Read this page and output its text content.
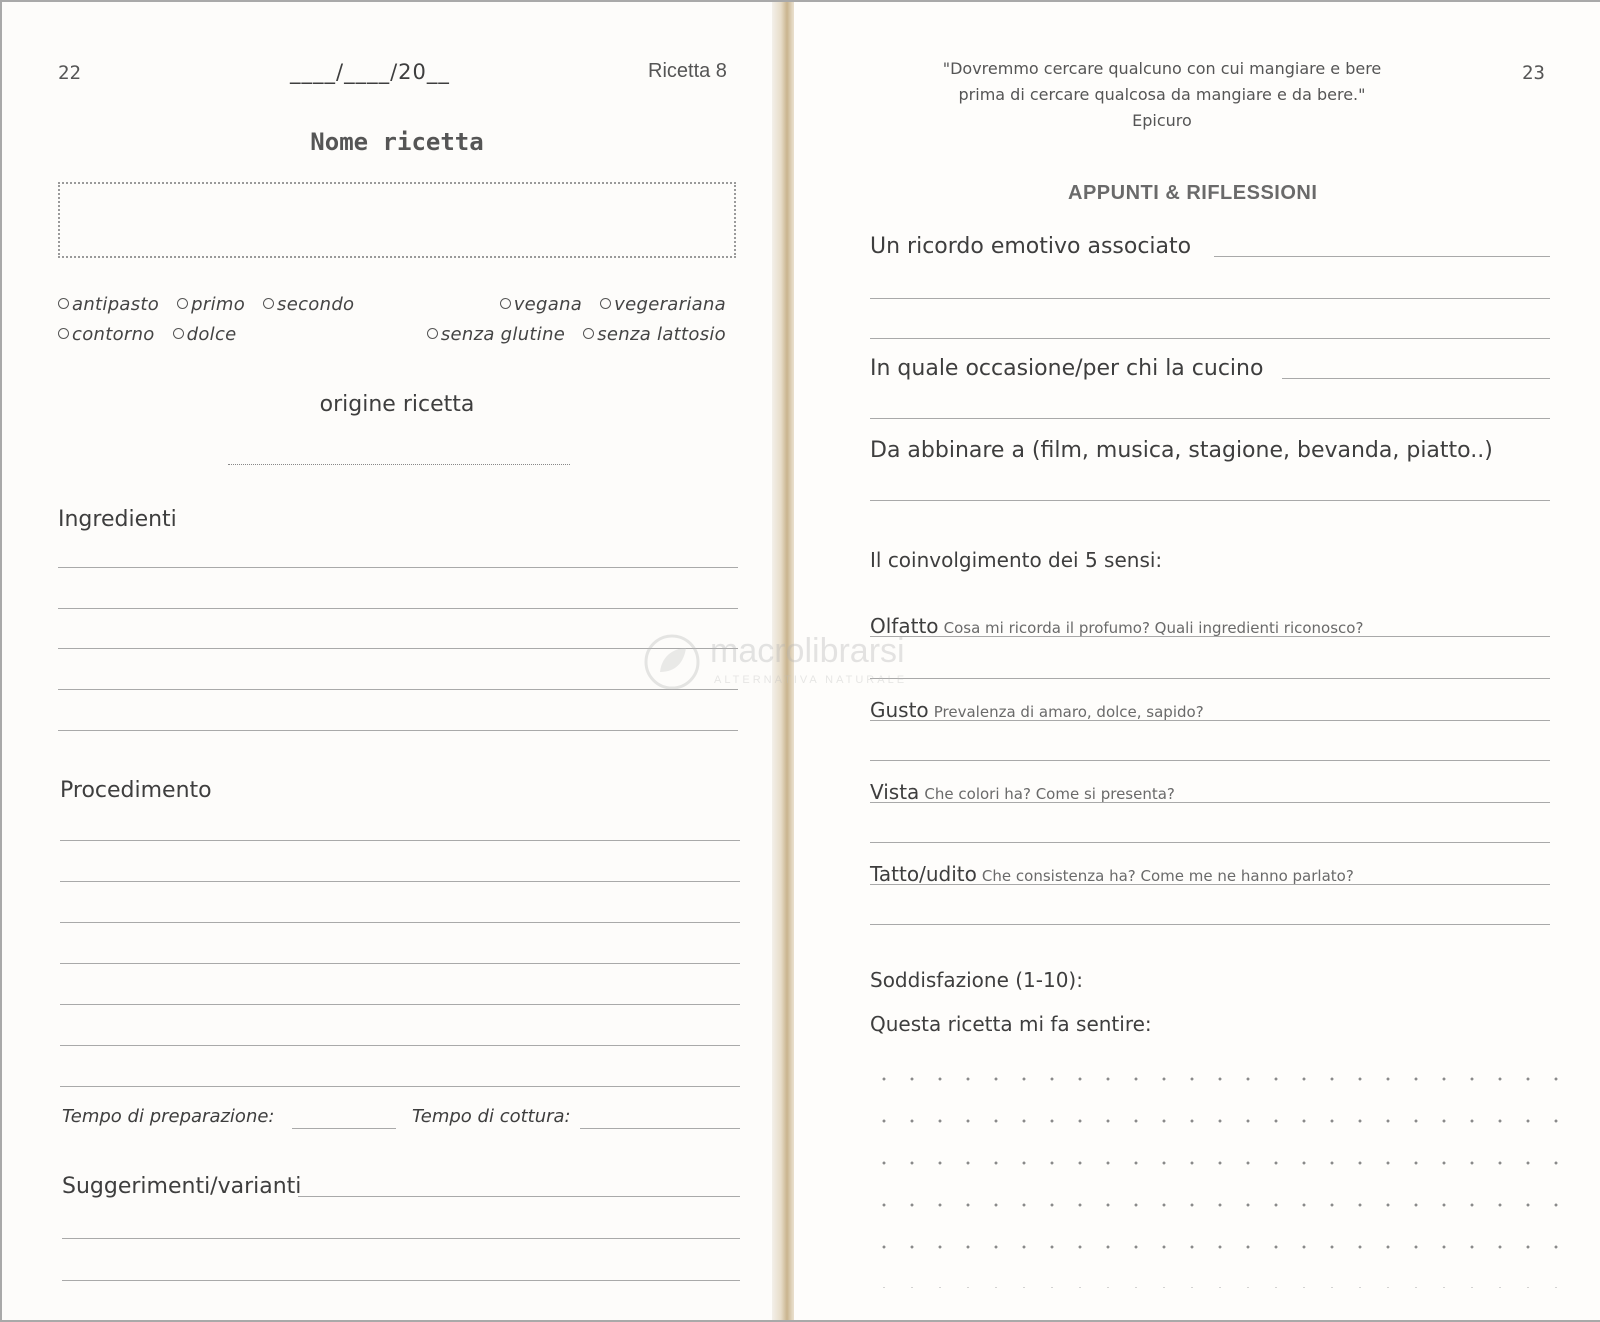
22	____/____/20__	Ricetta 8
Nome ricetta
antipasto primo secondo	vegana vegerariana
contorno dolce	senza glutine senza lattosio
origine ricetta
Ingredienti
Procedimento
Tempo di preparazione:	Tempo di cottura:
Suggerimenti/varianti
"Dovremmo cercare qualcuno con cui mangiare e bere
prima di cercare qualcosa da mangiare e da bere."
Epicuro
23
APPUNTI & RIFLESSIONI
Un ricordo emotivo associato
In quale occasione/per chi la cucino
Da abbinare a (film, musica, stagione, bevanda, piatto..)
Il coinvolgimento dei 5 sensi:
Olfatto Cosa mi ricorda il profumo? Quali ingredienti riconosco?
Gusto Prevalenza di amaro, dolce, sapido?
Vista Che colori ha? Come si presenta?
Tatto/udito Che consistenza ha? Come me ne hanno parlato?
Soddisfazione (1-10):
Questa ricetta mi fa sentire:
macrolibrarsi
ALTERNATIVA NATURALE
